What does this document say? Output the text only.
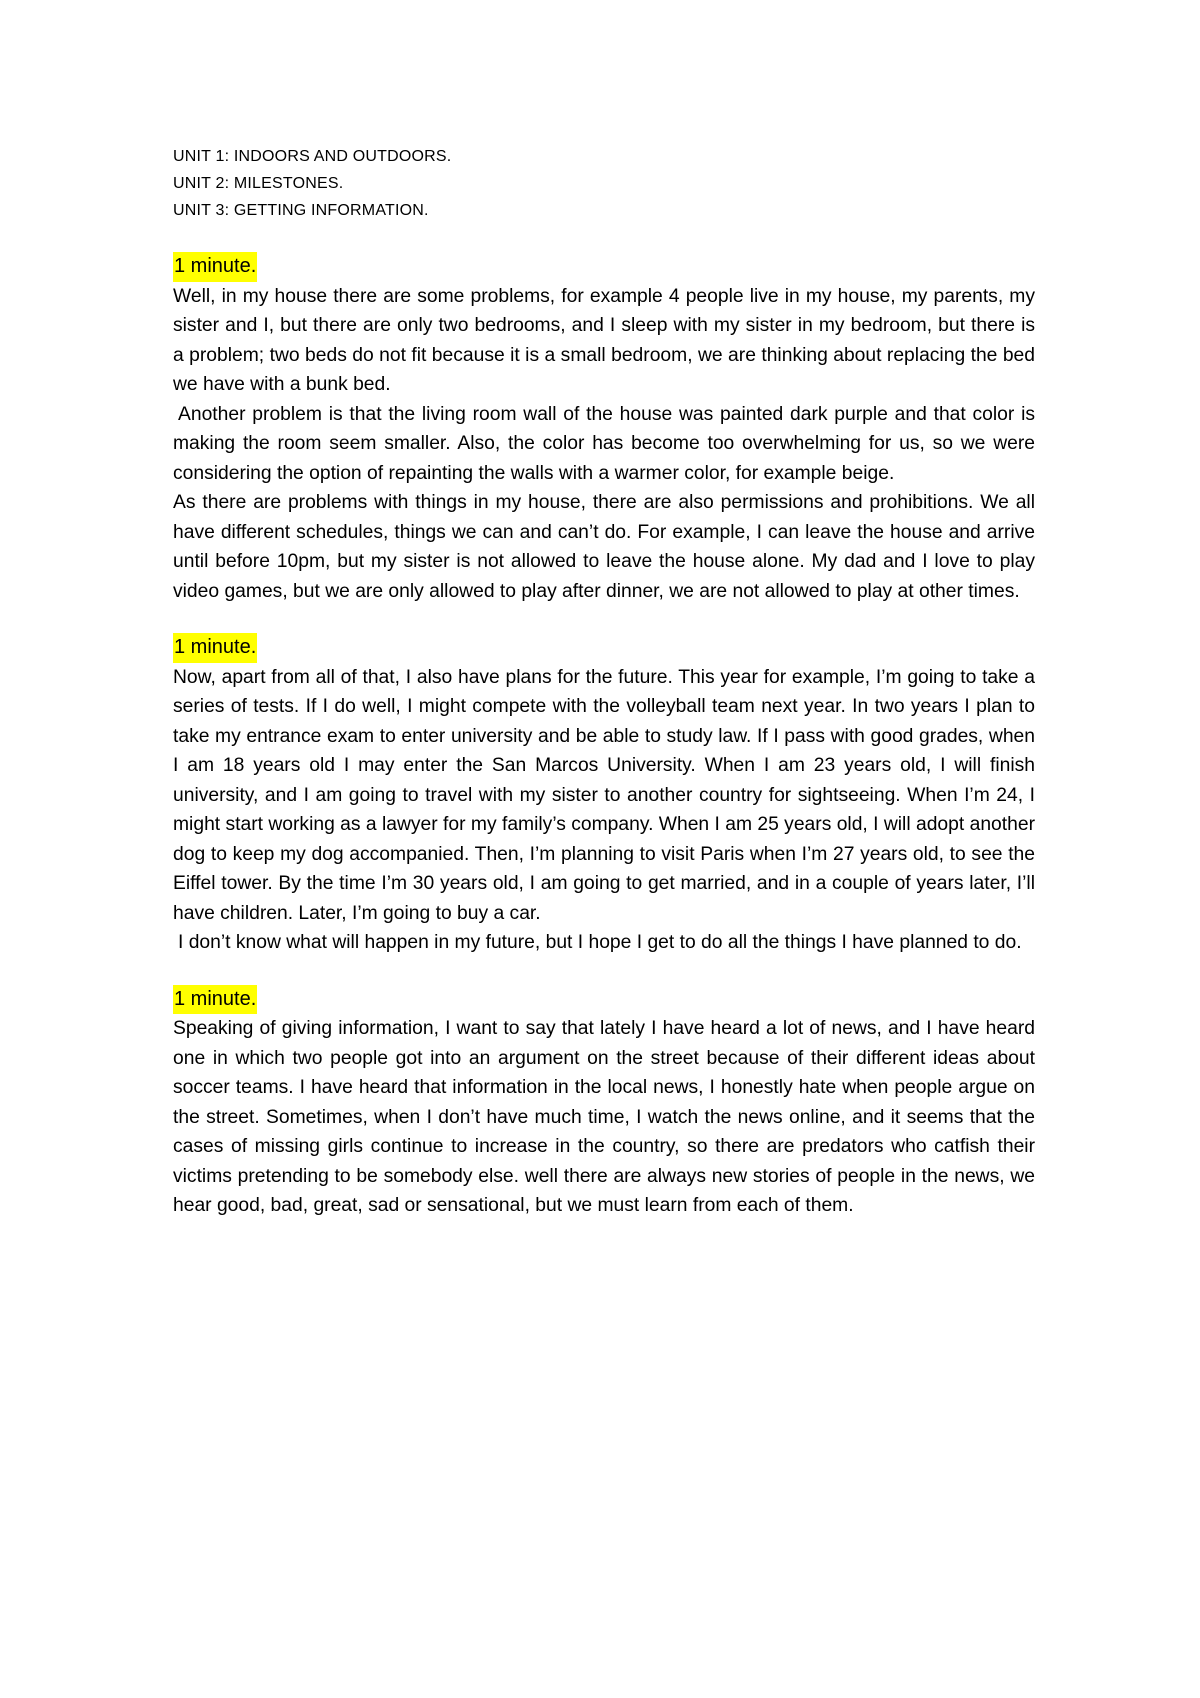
UNIT 1: INDOORS AND OUTDOORS.

UNIT 2: MILESTONES.

UNIT 3: GETTING INFORMATION.

1 minute.

Well, in my house there are some problems, for example 4 people live in my house, my parents, my sister and I, but there are only two bedrooms, and I sleep with my sister in my bedroom, but there is a problem; two beds do not fit because it is a small bedroom, we are thinking about replacing the bed we have with a bunk bed.

Another problem is that the living room wall of the house was painted dark purple and that color is making the room seem smaller. Also, the color has become too overwhelming for us, so we were considering the option of repainting the walls with a warmer color, for example beige.

As there are problems with things in my house, there are also permissions and prohibitions. We all have different schedules, things we can and can’t do. For example, I can leave the house and arrive until before 10pm, but my sister is not allowed to leave the house alone. My dad and I love to play video games, but we are only allowed to play after dinner, we are not allowed to play at other times.

1 minute.

Now, apart from all of that, I also have plans for the future. This year for example, I’m going to take a series of tests. If I do well, I might compete with the volleyball team next year. In two years I plan to take my entrance exam to enter university and be able to study law. If I pass with good grades, when I am 18 years old I may enter the San Marcos University. When I am 23 years old, I will finish university, and I am going to travel with my sister to another country for sightseeing. When I’m 24, I might start working as a lawyer for my family’s company. When I am 25 years old, I will adopt another dog to keep my dog accompanied. Then, I’m planning to visit Paris when I’m 27 years old, to see the Eiffel tower. By the time I’m 30 years old, I am going to get married, and in a couple of years later, I’ll have children. Later, I’m going to buy a car.

I don’t know what will happen in my future, but I hope I get to do all the things I have planned to do.

1 minute.

Speaking of giving information, I want to say that lately I have heard a lot of news, and I have heard one in which two people got into an argument on the street because of their different ideas about soccer teams. I have heard that information in the local news, I honestly hate when people argue on the street. Sometimes, when I don’t have much time, I watch the news online, and it seems that the cases of missing girls continue to increase in the country, so there are predators who catfish their victims pretending to be somebody else. well there are always new stories of people in the news, we hear good, bad, great, sad or sensational, but we must learn from each of them.
